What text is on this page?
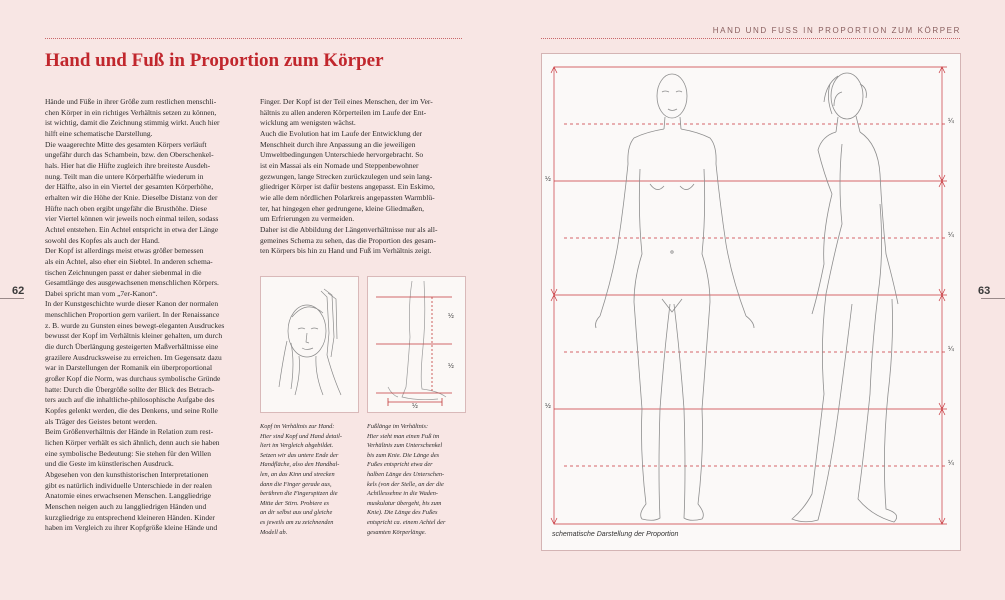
HAND UND FUSS IN PROPORTION ZUM KÖRPER
Hand und Fuß in Proportion zum Körper
62	63

Hände und Füße in ihrer Größe zum restlichen menschli-

chen Körper in ein richtiges Verhältnis setzen zu können,

ist wichtig, damit die Zeichnung stimmig wirkt. Auch hier

hilft eine schematische Darstellung.

Die waagerechte Mitte des gesamten Körpers verläuft

ungefähr durch das Schambein, bzw. den Oberschenkel-

hals. Hier hat die Hüfte zugleich ihre breiteste Ausdeh-

nung. Teilt man die untere Körperhälfte wiederum in

der Hälfte, also in ein Viertel der gesamten Körperhöhe,

erhalten wir die Höhe der Knie. Dieselbe Distanz von der

Hüfte nach oben ergibt ungefähr die Brusthöhe. Diese

vier Viertel können wir jeweils noch einmal teilen, sodass

Achtel entstehen. Ein Achtel entspricht in etwa der Länge

sowohl des Kopfes als auch der Hand.

Der Kopf ist allerdings meist etwas größer bemessen

als ein Achtel, also eher ein Siebtel. In anderen schema-

tischen Zeichnungen passt er daher siebenmal in die

Gesamtlänge des ausgewachsenen menschlichen Körpers.

Dabei spricht man vom „7er-Kanon“.

In der Kunstgeschichte wurde dieser Kanon der normalen

menschlichen Proportion gern variiert. In der Renaissance

z. B. wurde zu Gunsten eines bewegt-eleganten Ausdruckes

bewusst der Kopf im Verhältnis kleiner gehalten, um durch

die durch Überlängung gesteigerten Maßverhältnisse eine

grazilere Ausdrucksweise zu erreichen. Im Gegensatz dazu

war in Darstellungen der Romanik ein überproportional

großer Kopf die Norm, was durchaus symbolische Gründe

hatte: Durch die Übergröße sollte der Blick des Betrach-

ters auch auf die inhaltliche-philosophische Aufgabe des

Kopfes gelenkt werden, die des Denkens, und seine Rolle

als Träger des Geistes betont werden.

Beim Größenverhältnis der Hände in Relation zum rest-

lichen Körper verhält es sich ähnlich, denn auch sie haben

eine symbolische Bedeutung: Sie stehen für den Willen

und die Geste im künstlerischen Ausdruck.

Abgesehen von den kunsthistorischen Interpretationen

gibt es natürlich individuelle Unterschiede in der realen

Anatomie eines erwachsenen Menschen. Langgliedrige

Menschen neigen auch zu langgliedrigen Händen und

kurzgliedrige zu entsprechend kleineren Händen. Kinder

haben im Vergleich zu ihrer Kopfgröße kleine Hände und

Finger. Der Kopf ist der Teil eines Menschen, der im Ver-

hältnis zu allen anderen Körperteilen im Laufe der Ent-

wicklung am wenigsten wächst.

Auch die Evolution hat im Laufe der Entwicklung der

Menschheit durch ihre Anpassung an die jeweiligen

Umweltbedingungen Unterschiede hervorgebracht. So

ist ein Massai als ein Nomade und Steppenbewohner

gezwungen, lange Strecken zurückzulegen und sein lang-

gliedriger Körper ist dafür bestens angepasst. Ein Eskimo,

wie alle dem nördlichen Polarkreis angepassten Warmblü-

ter, hat hingegen eher gedrungene, kleine Gliedmaßen,

um Erfrierungen zu vermeiden.

Daher ist die Abbildung der Längenverhältnisse nur als all-

gemeines Schema zu sehen, das die Proportion des gesam-

ten Körpers bis hin zu Hand und Fuß im Verhältnis zeigt.

½
½
½

Kopf im Verhältnis zur Hand:

Hier sind Kopf und Hand detail-

liert im Vergleich abgebildet.

Setzen wir das untere Ende der

Handfläche, also den Handbal-

len, an das Kinn und strecken

dann die Finger gerade aus,

berühren die Fingerspitzen die

Mitte der Stirn. Probiere es

an dir selbst aus und gleiche

es jeweils am zu zeichnenden

Modell ab.

Fußlänge im Verhältnis:

Hier sieht man einen Fuß im

Verhältnis zum Unterschenkel

bis zum Knie. Die Länge des

Fußes entspricht etwa der

halben Länge des Unterschen-

kels (von der Stelle, an der die

Achillessehne in die Waden-

muskulatur übergeht, bis zum

Knie). Die Länge des Fußes

entspricht ca. einem Achtel der

gesamten Körperlänge.

½
½
¼
¼
¼
¼
schematische Darstellung der Proportion
